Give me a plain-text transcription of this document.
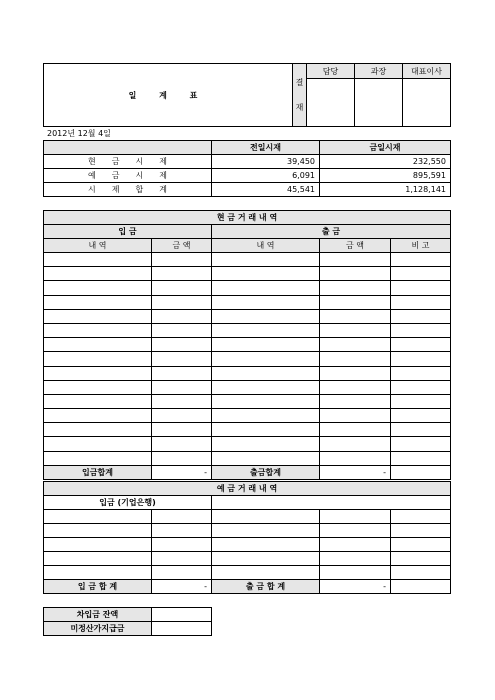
일 계 표	결
재	담당	과장	대표이사

2012년 12월 4일
	전일시재	금일시재
현　　금　　시　　제	39,450	232,550
예　　금　　시　　제	6,091	895,591
시　　제　　합　　계	45,541	1,128,141
현 금 거 래 내 역				
입 금		출 금		
내 역	금 액	내 역	금 액	비 고

입금합계	-	출금합계	-	
예 금 거 래 내 역				
입금 (기업은행)				

입 금 합 계	-	출 금 합 계	-	
차입금 잔액	
미정산가지급금	
